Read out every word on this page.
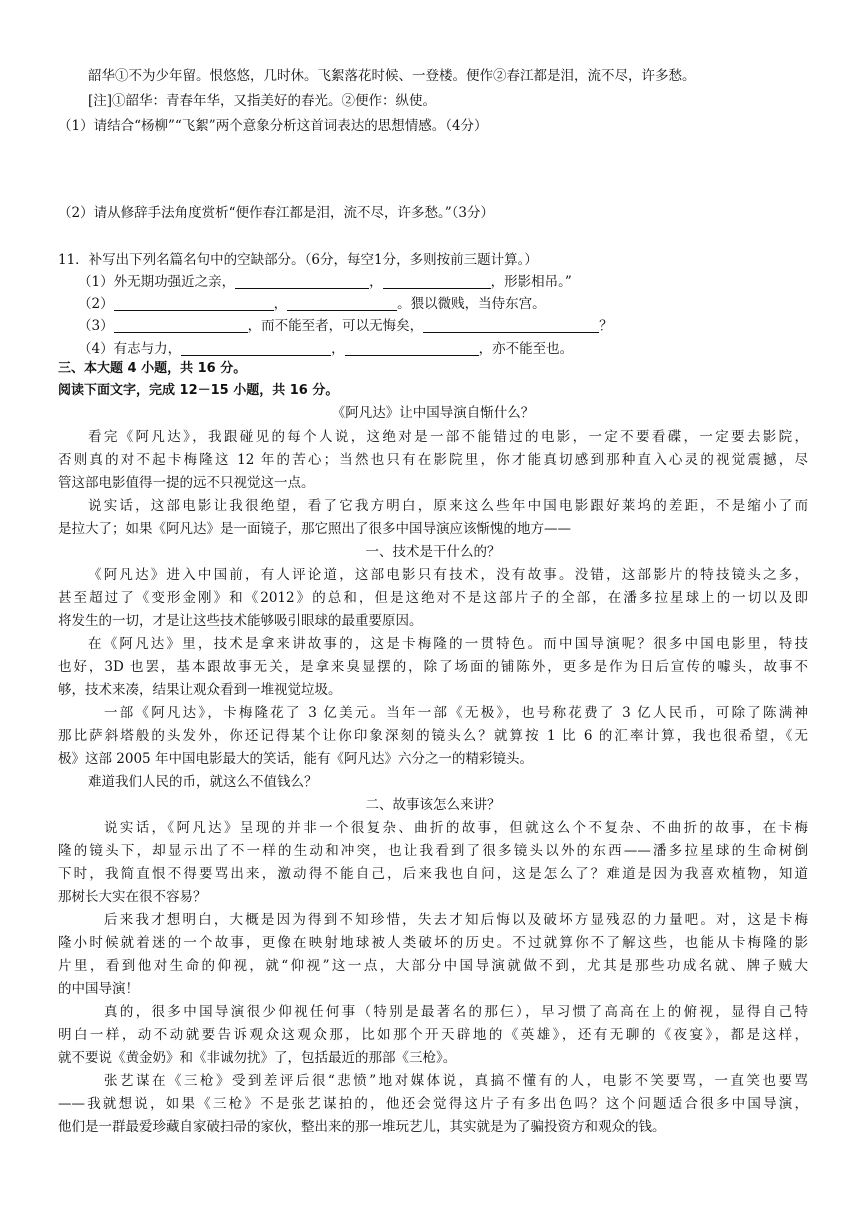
韶华①不为少年留。恨悠悠，几时休。飞絮落花时候、一登楼。便作②春江都是泪，流不尽，许多愁。
[注]①韶华：青春年华，又指美好的春光。②便作：纵使。
（1）请结合“杨柳”“飞絮”两个意象分析这首词表达的思想情感。（4分）
（2）请从修辞手法角度赏析“便作春江都是泪，流不尽，许多愁。”（3分）
11．补写出下列名篇名句中的空缺部分。（6分，每空1分，多则按前三题计算。）
（1）外无期功强近之亲，	，	，形影相吊。”
（2）	，	。猥以微贱，当侍东宫。
（3）	，而不能至者，可以无悔矣，	？
（4）有志与力，	，	，亦不能至也。
三、本大题 4 小题，共 16 分。
阅读下面文字，完成 12－15 小题，共 16 分。
《阿凡达》让中国导演自惭什么？
看完《阿凡达》，我跟碰见的每个人说，这绝对是一部不能错过的电影，一定不要看碟，一定要去影院，
否则真的对不起卡梅隆这 12 年的苦心；当然也只有在影院里，你才能真切感到那种直入心灵的视觉震撼，尽
管这部电影值得一提的远不只视觉这一点。
说实话，这部电影让我很绝望，看了它我方明白，原来这么些年中国电影跟好莱坞的差距，不是缩小了而
是拉大了；如果《阿凡达》是一面镜子，那它照出了很多中国导演应该惭愧的地方——
一、技术是干什么的？
《阿凡达》进入中国前，有人评论道，这部电影只有技术，没有故事。没错，这部影片的特技镜头之多，
甚至超过了《变形金刚》和《2012》的总和，但是这绝对不是这部片子的全部，在潘多拉星球上的一切以及即
将发生的一切，才是让这些技术能够吸引眼球的最重要原因。
在《阿凡达》里，技术是拿来讲故事的，这是卡梅隆的一贯特色。而中国导演呢？很多中国电影里，特技
也好，3D 也罢，基本跟故事无关，是拿来臭显摆的，除了场面的铺陈外，更多是作为日后宣传的噱头，故事不
够，技术来凑，结果让观众看到一堆视觉垃圾。
一部《阿凡达》，卡梅隆花了 3 亿美元。当年一部《无极》，也号称花费了 3 亿人民币，可除了陈满神
那比萨斜塔般的头发外，你还记得某个让你印象深刻的镜头么？就算按 1 比 6 的汇率计算，我也很希望，《无
极》这部 2005 年中国电影最大的笑话，能有《阿凡达》六分之一的精彩镜头。
难道我们人民的币，就这么不值钱么？
二、故事该怎么来讲？
说实话，《阿凡达》呈现的并非一个很复杂、曲折的故事，但就这么个不复杂、不曲折的故事，在卡梅
隆的镜头下，却显示出了不一样的生动和冲突，也让我看到了很多镜头以外的东西——潘多拉星球的生命树倒
下时，我简直恨不得要骂出来，激动得不能自己，后来我也自问，这是怎么了？难道是因为我喜欢植物，知道
那树长大实在很不容易？
后来我才想明白，大概是因为得到不知珍惜，失去才知后悔以及破坏方显残忍的力量吧。对，这是卡梅
隆小时候就着迷的一个故事，更像在映射地球被人类破坏的历史。不过就算你不了解这些，也能从卡梅隆的影
片里，看到他对生命的仰视，就“仰视”这一点，大部分中国导演就做不到，尤其是那些功成名就、牌子贼大
的中国导演！
真的，很多中国导演很少仰视任何事（特别是最著名的那仨），早习惯了高高在上的俯视，显得自己特
明白一样，动不动就要告诉观众这观众那，比如那个开天辟地的《英雄》，还有无聊的《夜宴》，都是这样，
就不要说《黄金奶》和《非诚勿扰》了，包括最近的那部《三枪》。
张艺谋在《三枪》受到差评后很“悲愤”地对媒体说，真搞不懂有的人，电影不笑要骂，一直笑也要骂
——我就想说，如果《三枪》不是张艺谋拍的，他还会觉得这片子有多出色吗？这个问题适合很多中国导演，
他们是一群最爱珍藏自家破扫帚的家伙，整出来的那一堆玩艺儿，其实就是为了骗投资方和观众的钱。
